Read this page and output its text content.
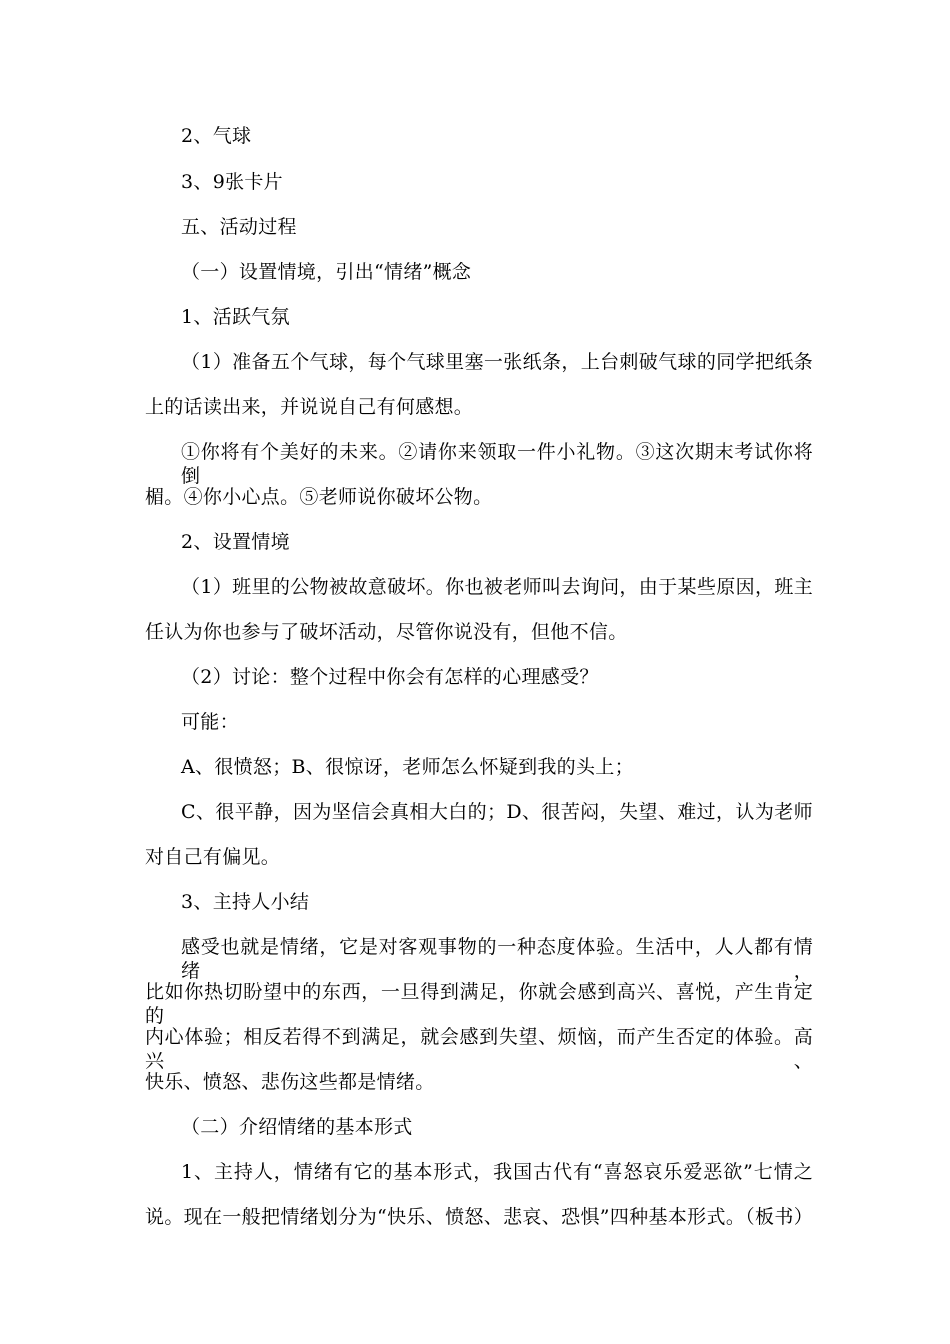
2、气球
3、9张卡片
五、活动过程
（一）设置情境，引出“情绪”概念
1、活跃气氛
（1）准备五个气球，每个气球里塞一张纸条，上台刺破气球的同学把纸条
上的话读出来，并说说自己有何感想。
①你将有个美好的未来。②请你来领取一件小礼物。③这次期末考试你将倒
楣。④你小心点。⑤老师说你破坏公物。
2、设置情境
（1）班里的公物被故意破坏。你也被老师叫去询问，由于某些原因，班主
任认为你也参与了破坏活动，尽管你说没有，但他不信。
（2）讨论：整个过程中你会有怎样的心理感受？
可能：
A、很愤怒；B、很惊讶，老师怎么怀疑到我的头上；
C、很平静，因为坚信会真相大白的；D、很苦闷，失望、难过，认为老师
对自己有偏见。
3、主持人小结
感受也就是情绪，它是对客观事物的一种态度体验。生活中，人人都有情绪，
比如你热切盼望中的东西，一旦得到满足，你就会感到高兴、喜悦，产生肯定的
内心体验；相反若得不到满足，就会感到失望、烦恼，而产生否定的体验。高兴、
快乐、愤怒、悲伤这些都是情绪。
（二）介绍情绪的基本形式
1、主持人，情绪有它的基本形式，我国古代有“喜怒哀乐爱恶欲”七情之
说。现在一般把情绪划分为“快乐、愤怒、悲哀、恐惧”四种基本形式。（板书）
